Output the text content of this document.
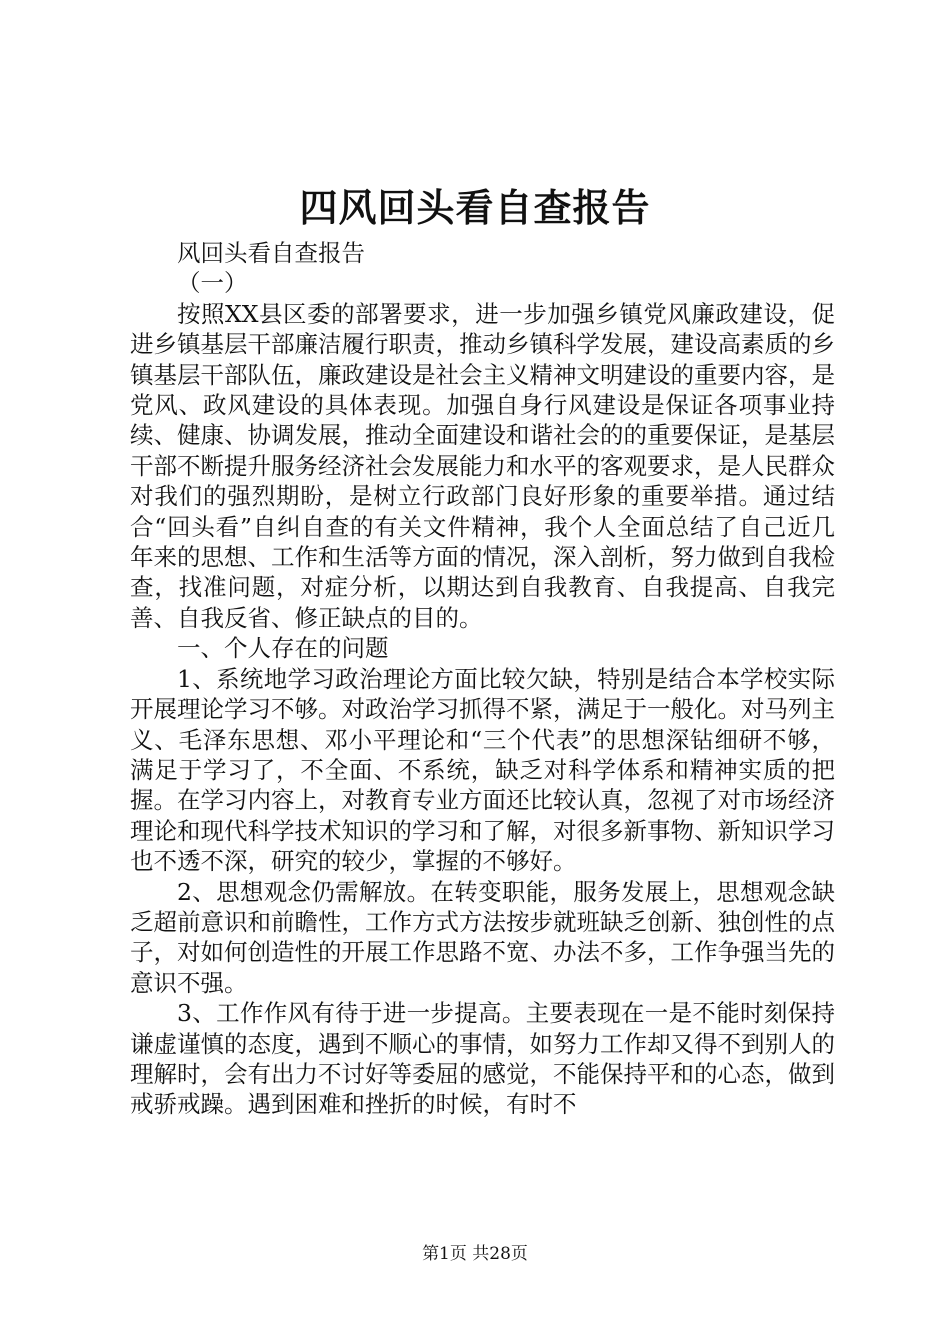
四风回头看自查报告

风回头看自查报告

（一）

按照XX县区委的部署要求，进一步加强乡镇党风廉政建设，促进乡镇基层干部廉洁履行职责，推动乡镇科学发展，建设高素质的乡镇基层干部队伍，廉政建设是社会主义精神文明建设的重要内容，是党风、政风建设的具体表现。加强自身行风建设是保证各项事业持续、健康、协调发展，推动全面建设和谐社会的的重要保证，是基层干部不断提升服务经济社会发展能力和水平的客观要求，是人民群众对我们的强烈期盼，是树立行政部门良好形象的重要举措。通过结合“回头看”自纠自查的有关文件精神，我个人全面总结了自己近几年来的思想、工作和生活等方面的情况，深入剖析，努力做到自我检查，找准问题，对症分析，以期达到自我教育、自我提高、自我完善、自我反省、修正缺点的目的。

一、个人存在的问题

1、系统地学习政治理论方面比较欠缺，特别是结合本学校实际开展理论学习不够。对政治学习抓得不紧，满足于一般化。对马列主义、毛泽东思想、邓小平理论和“三个代表”的思想深钻细研不够，满足于学习了，不全面、不系统，缺乏对科学体系和精神实质的把握。在学习内容上，对教育专业方面还比较认真，忽视了对市场经济理论和现代科学技术知识的学习和了解，对很多新事物、新知识学习也不透不深，研究的较少，掌握的不够好。

2、思想观念仍需解放。在转变职能，服务发展上，思想观念缺乏超前意识和前瞻性，工作方式方法按步就班缺乏创新、独创性的点子，对如何创造性的开展工作思路不宽、办法不多，工作争强当先的意识不强。

3、工作作风有待于进一步提高。主要表现在一是不能时刻保持谦虚谨慎的态度，遇到不顺心的事情，如努力工作却又得不到别人的理解时，会有出力不讨好等委屈的感觉，不能保持平和的心态，做到戒骄戒躁。遇到困难和挫折的时候，有时不

第1页 共28页
